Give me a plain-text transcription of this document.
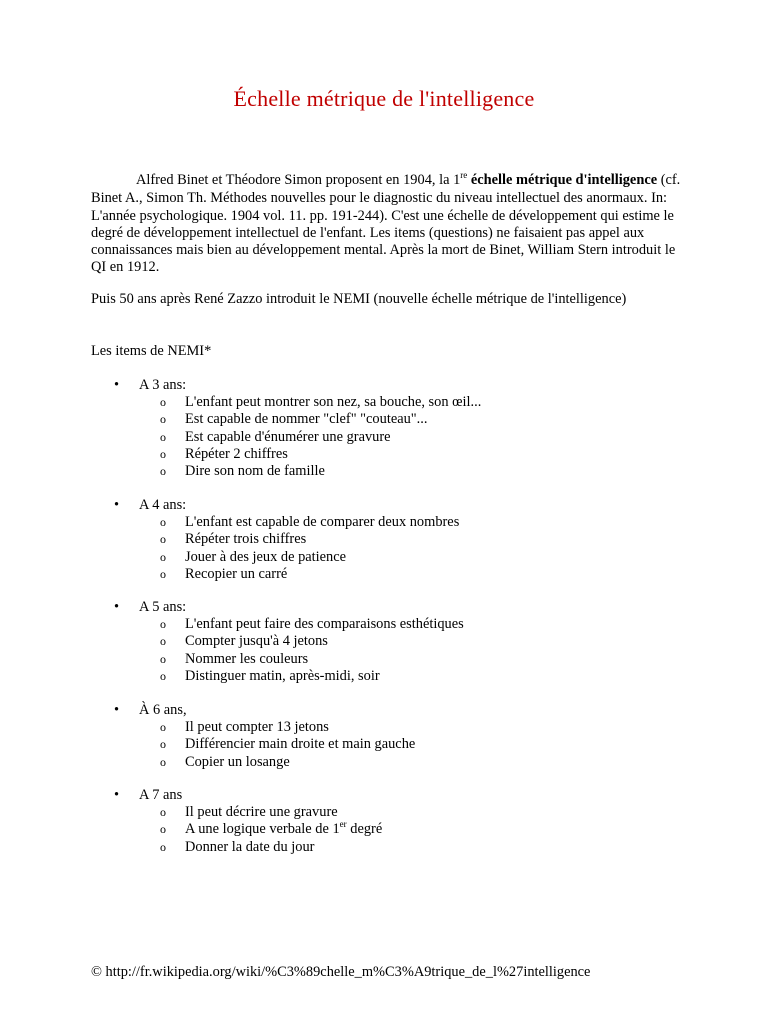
Échelle métrique de l'intelligence
Alfred Binet et Théodore Simon proposent en 1904, la 1re échelle métrique d'intelligence (cf. Binet A., Simon Th. Méthodes nouvelles pour le diagnostic du niveau intellectuel des anormaux. In: L'année psychologique. 1904 vol. 11. pp. 191-244). C'est une échelle de développement qui estime le degré de développement intellectuel de l'enfant. Les items (questions) ne faisaient pas appel aux connaissances mais bien au développement mental. Après la mort de Binet, William Stern introduit le QI en 1912.
Puis 50 ans après René Zazzo introduit le NEMI (nouvelle échelle métrique de l'intelligence)
Les items de NEMI*
• A 3 ans:
o L'enfant peut montrer son nez, sa bouche, son œil...
o Est capable de nommer "clef" "couteau"...
o Est capable d'énumérer une gravure
o Répéter 2 chiffres
o Dire son nom de famille
• A 4 ans:
o L'enfant est capable de comparer deux nombres
o Répéter trois chiffres
o Jouer à des jeux de patience
o Recopier un carré
• A 5 ans:
o L'enfant peut faire des comparaisons esthétiques
o Compter jusqu'à 4 jetons
o Nommer les couleurs
o Distinguer matin, après-midi, soir
• À 6 ans,
o Il peut compter 13 jetons
o Différencier main droite et main gauche
o Copier un losange
• A 7 ans
o Il peut décrire une gravure
o A une logique verbale de 1er degré
o Donner la date du jour
© http://fr.wikipedia.org/wiki/%C3%89chelle_m%C3%A9trique_de_l%27intelligence
